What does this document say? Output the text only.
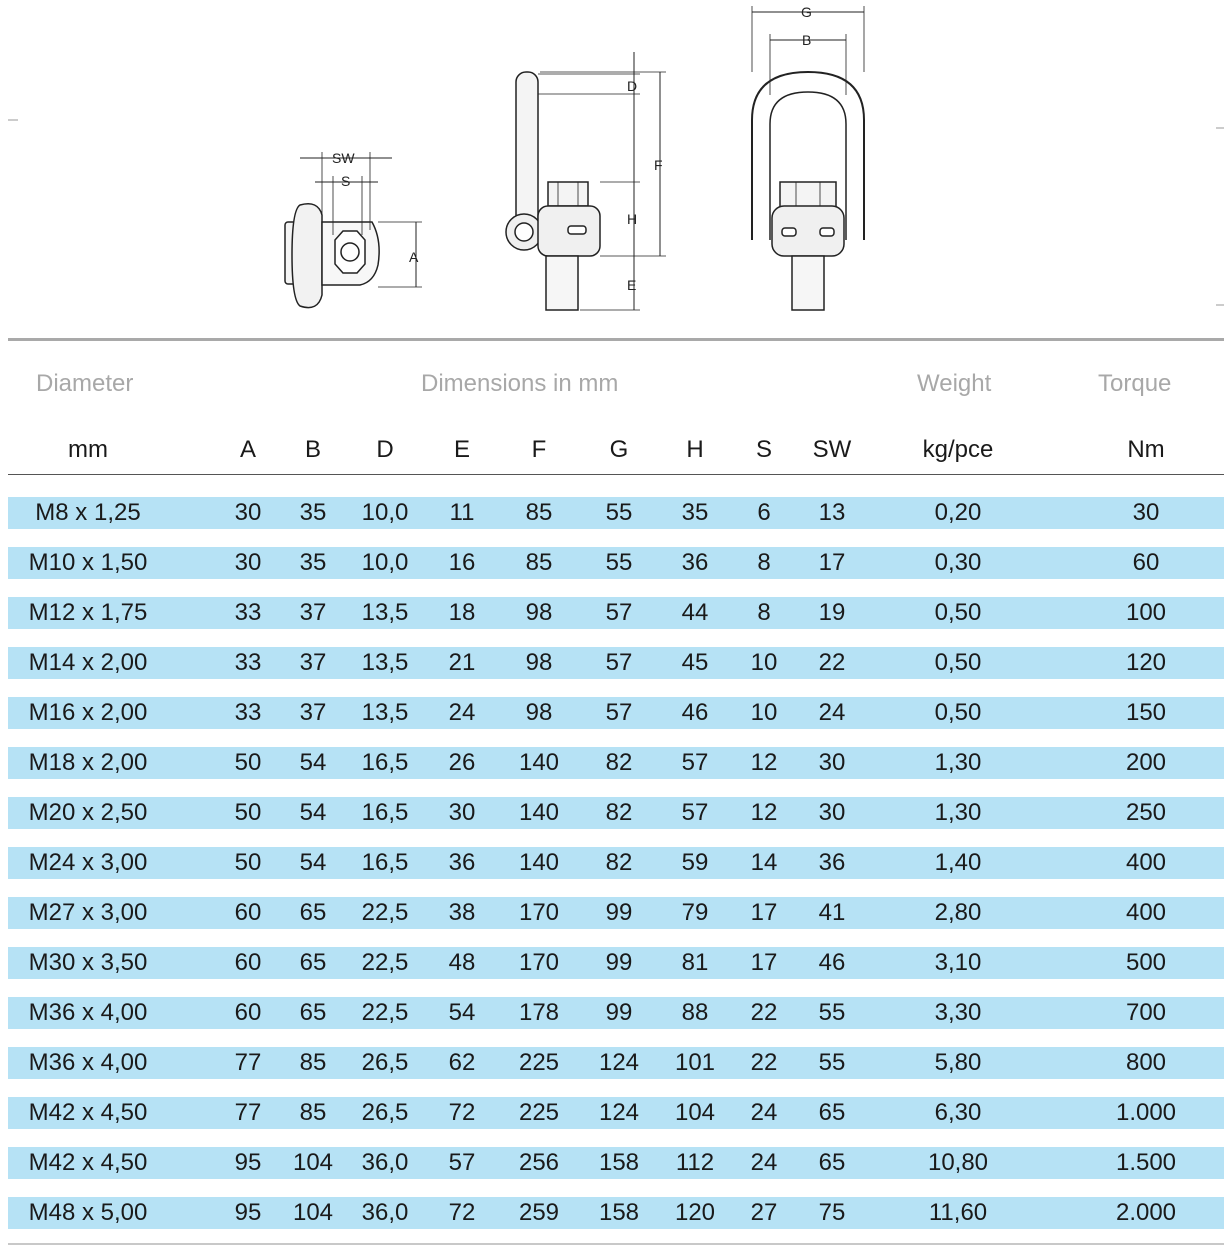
SW
S
A
D
F
H
E
G
B
Diameter	Dimensions in mm	Weight	Torque
mm	A	B	D	E	F	G	H	S	SW	kg/pce	Nm
M8 x 1,25	30	35	10,0	11	85	55	35	6	13	0,20	30
M10 x 1,50	30	35	10,0	16	85	55	36	8	17	0,30	60
M12 x 1,75	33	37	13,5	18	98	57	44	8	19	0,50	100
M14 x 2,00	33	37	13,5	21	98	57	45	10	22	0,50	120
M16 x 2,00	33	37	13,5	24	98	57	46	10	24	0,50	150
M18 x 2,00	50	54	16,5	26	140	82	57	12	30	1,30	200
M20 x 2,50	50	54	16,5	30	140	82	57	12	30	1,30	250
M24 x 3,00	50	54	16,5	36	140	82	59	14	36	1,40	400
M27 x 3,00	60	65	22,5	38	170	99	79	17	41	2,80	400
M30 x 3,50	60	65	22,5	48	170	99	81	17	46	3,10	500
M36 x 4,00	60	65	22,5	54	178	99	88	22	55	3,30	700
M36 x 4,00	77	85	26,5	62	225	124	101	22	55	5,80	800
M42 x 4,50	77	85	26,5	72	225	124	104	24	65	6,30	1.000
M42 x 4,50	95	104	36,0	57	256	158	112	24	65	10,80	1.500
M48 x 5,00	95	104	36,0	72	259	158	120	27	75	11,60	2.000
